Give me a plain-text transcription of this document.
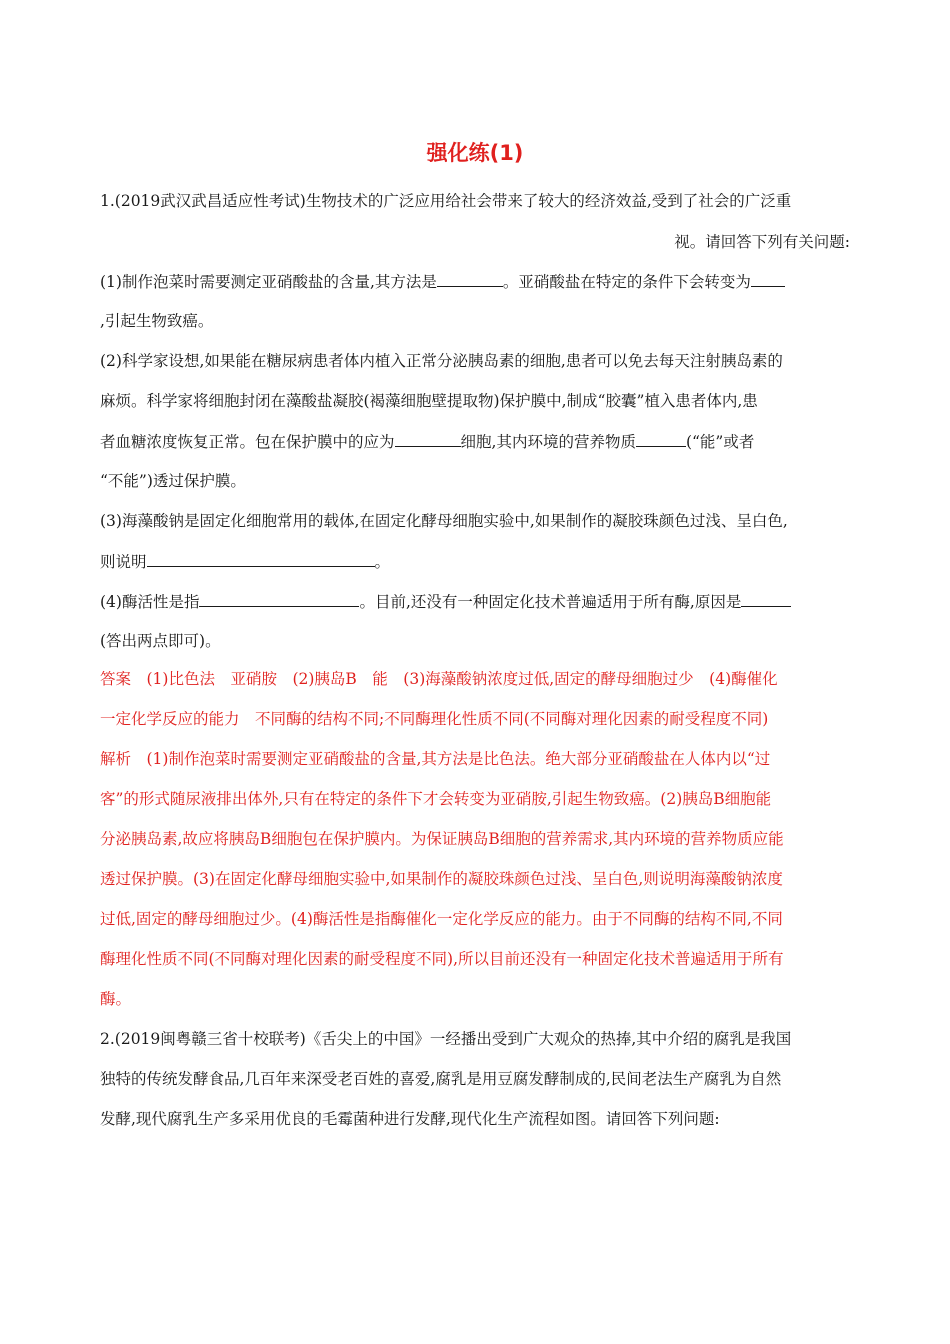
强化练(1)
1.(2019武汉武昌适应性考试)生物技术的广泛应用给社会带来了较大的经济效益,受到了社会的广泛重
视。请回答下列有关问题:
(1)制作泡菜时需要测定亚硝酸盐的含量,其方法是	。亚硝酸盐在特定的条件下会转变为
,引起生物致癌。
(2)科学家设想,如果能在糖尿病患者体内植入正常分泌胰岛素的细胞,患者可以免去每天注射胰岛素的
麻烦。科学家将细胞封闭在藻酸盐凝胶(褐藻细胞壁提取物)保护膜中,制成“胶囊”植入患者体内,患
者血糖浓度恢复正常。包在保护膜中的应为	细胞,其内环境的营养物质	(“能”或者
“不能”)透过保护膜。
(3)海藻酸钠是固定化细胞常用的载体,在固定化酵母细胞实验中,如果制作的凝胶珠颜色过浅、呈白色,
则说明	。
(4)酶活性是指	。目前,还没有一种固定化技术普遍适用于所有酶,原因是
(答出两点即可)。
答案　(1)比色法　亚硝胺　(2)胰岛B　能　(3)海藻酸钠浓度过低,固定的酵母细胞过少　(4)酶催化
一定化学反应的能力　不同酶的结构不同;不同酶理化性质不同(不同酶对理化因素的耐受程度不同)
解析　(1)制作泡菜时需要测定亚硝酸盐的含量,其方法是比色法。绝大部分亚硝酸盐在人体内以“过
客”的形式随尿液排出体外,只有在特定的条件下才会转变为亚硝胺,引起生物致癌。(2)胰岛B细胞能
分泌胰岛素,故应将胰岛B细胞包在保护膜内。为保证胰岛B细胞的营养需求,其内环境的营养物质应能
透过保护膜。(3)在固定化酵母细胞实验中,如果制作的凝胶珠颜色过浅、呈白色,则说明海藻酸钠浓度
过低,固定的酵母细胞过少。(4)酶活性是指酶催化一定化学反应的能力。由于不同酶的结构不同,不同
酶理化性质不同(不同酶对理化因素的耐受程度不同),所以目前还没有一种固定化技术普遍适用于所有
酶。
2.(2019闽粤赣三省十校联考)《舌尖上的中国》一经播出受到广大观众的热捧,其中介绍的腐乳是我国
独特的传统发酵食品,几百年来深受老百姓的喜爱,腐乳是用豆腐发酵制成的,民间老法生产腐乳为自然
发酵,现代腐乳生产多采用优良的毛霉菌种进行发酵,现代化生产流程如图。请回答下列问题:
